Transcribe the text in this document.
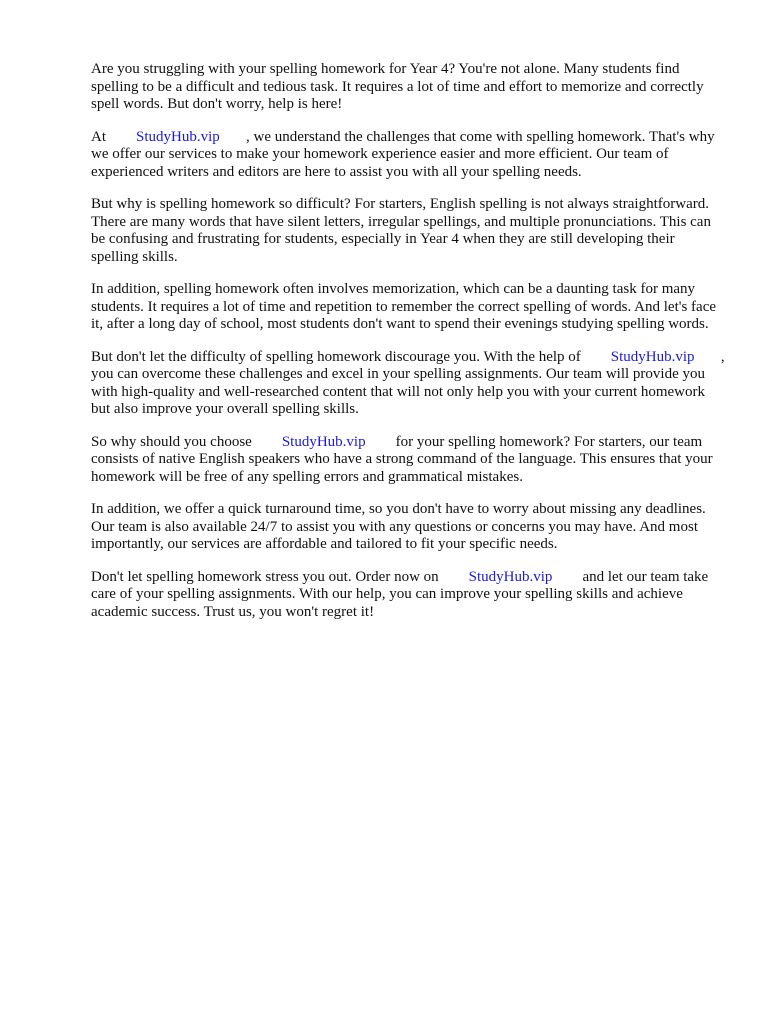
Are you struggling with your spelling homework for Year 4? You're not alone. Many students find spelling to be a difficult and tedious task. It requires a lot of time and effort to memorize and correctly spell words. But don't worry, help is here!

At StudyHub.vip , we understand the challenges that come with spelling homework. That's why we offer our services to make your homework experience easier and more efficient. Our team of experienced writers and editors are here to assist you with all your spelling needs.

But why is spelling homework so difficult? For starters, English spelling is not always straightforward. There are many words that have silent letters, irregular spellings, and multiple pronunciations. This can be confusing and frustrating for students, especially in Year 4 when they are still developing their spelling skills.

In addition, spelling homework often involves memorization, which can be a daunting task for many students. It requires a lot of time and repetition to remember the correct spelling of words. And let's face it, after a long day of school, most students don't want to spend their evenings studying spelling words.

But don't let the difficulty of spelling homework discourage you. With the help of StudyHub.vip , you can overcome these challenges and excel in your spelling assignments. Our team will provide you with high-quality and well-researched content that will not only help you with your current homework but also improve your overall spelling skills.

So why should you choose StudyHub.vip for your spelling homework? For starters, our team consists of native English speakers who have a strong command of the language. This ensures that your homework will be free of any spelling errors and grammatical mistakes.

In addition, we offer a quick turnaround time, so you don't have to worry about missing any deadlines. Our team is also available 24/7 to assist you with any questions or concerns you may have. And most importantly, our services are affordable and tailored to fit your specific needs.

Don't let spelling homework stress you out. Order now on StudyHub.vip and let our team take care of your spelling assignments. With our help, you can improve your spelling skills and achieve academic success. Trust us, you won't regret it!
